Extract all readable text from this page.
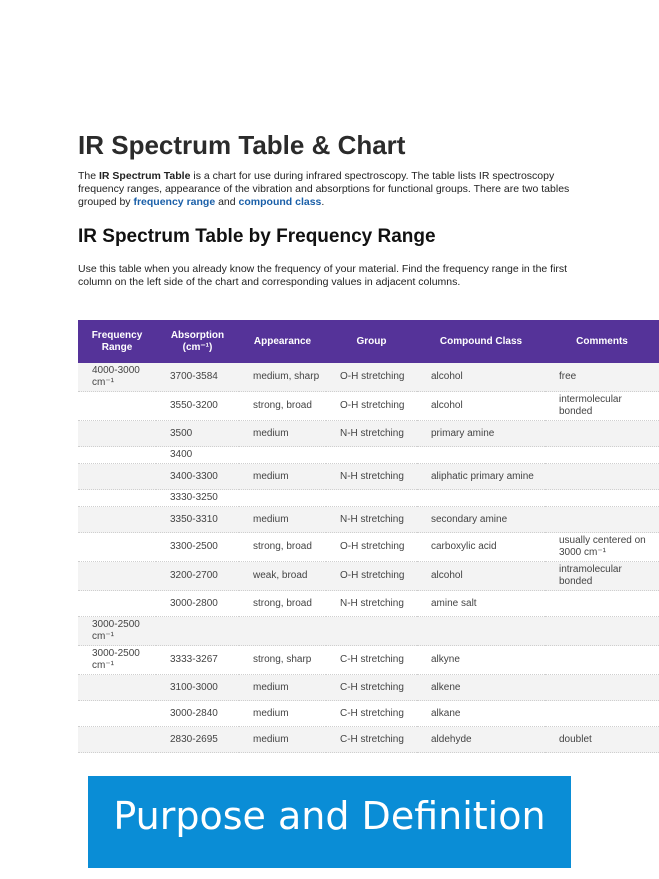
IR Spectrum Table & Chart

The IR Spectrum Table is a chart for use during infrared spectroscopy. The table lists IR spectroscopy frequency ranges, appearance of the vibration and absorptions for functional groups. There are two tables grouped by frequency range and compound class.

IR Spectrum Table by Frequency Range

Use this table when you already know the frequency of your material. Find the frequency range in the first column on the left side of the chart and corresponding values in adjacent columns.

Frequency Range	Absorption (cm⁻¹)	Appearance	Group	Compound Class	Comments
4000-3000 cm⁻¹	3700-3584	medium, sharp	O-H stretching	alcohol	free
	3550-3200	strong, broad	O-H stretching	alcohol	intermolecular bonded
	3500	medium	N-H stretching	primary amine	
	3400				
	3400-3300	medium	N-H stretching	aliphatic primary amine	
	3330-3250				
	3350-3310	medium	N-H stretching	secondary amine	
	3300-2500	strong, broad	O-H stretching	carboxylic acid	usually centered on 3000 cm⁻¹
	3200-2700	weak, broad	O-H stretching	alcohol	intramolecular bonded
	3000-2800	strong, broad	N-H stretching	amine salt	
3000-2500 cm⁻¹					
3000-2500 cm⁻¹	3333-3267	strong, sharp	C-H stretching	alkyne	
	3100-3000	medium	C-H stretching	alkene	
	3000-2840	medium	C-H stretching	alkane	
	2830-2695	medium	C-H stretching	aldehyde	doublet
Purpose and Definition
